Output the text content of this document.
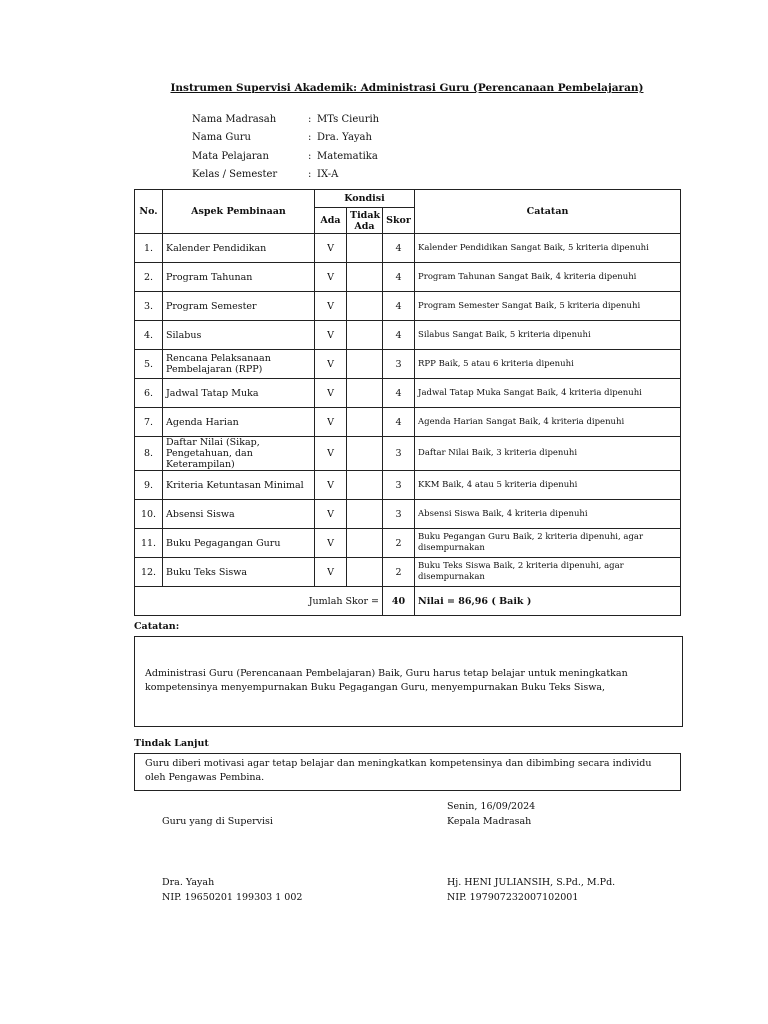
Instrumen Supervisi Akademik: Administrasi Guru (Perencanaan Pembelajaran)
Nama Madrasah	: MTs Cieurih
Nama Guru	: Dra. Yayah
Mata Pelajaran	: Matematika
Kelas / Semester	: IX-A
No.	Aspek Pembinaan	Kondisi			Catatan
		Ada	Tidak Ada	Skor	
1.	Kalender Pendidikan	V		4	Kalender Pendidikan Sangat Baik, 5 kriteria dipenuhi
2.	Program Tahunan	V		4	Program Tahunan Sangat Baik, 4 kriteria dipenuhi
3.	Program Semester	V		4	Program Semester Sangat Baik, 5 kriteria dipenuhi
4.	Silabus	V		4	Silabus Sangat Baik, 5 kriteria dipenuhi
5.	Rencana Pelaksanaan Pembelajaran (RPP)	V		3	RPP Baik, 5 atau 6 kriteria dipenuhi
6.	Jadwal Tatap Muka	V		4	Jadwal Tatap Muka Sangat Baik, 4 kriteria dipenuhi
7.	Agenda Harian	V		4	Agenda Harian Sangat Baik, 4 kriteria dipenuhi
8.	Daftar Nilai (Sikap, Pengetahuan, dan Keterampilan)	V		3	Daftar Nilai Baik, 3 kriteria dipenuhi
9.	Kriteria Ketuntasan Minimal	V		3	KKM Baik, 4 atau 5 kriteria dipenuhi
10.	Absensi Siswa	V		3	Absensi Siswa Baik, 4 kriteria dipenuhi
11.	Buku Pegagangan Guru	V		2	Buku Pegangan Guru Baik, 2 kriteria dipenuhi, agar disempurnakan
12.	Buku Teks Siswa	V		2	Buku Teks Siswa Baik, 2 kriteria dipenuhi, agar disempurnakan
Jumlah Skor =				40	Nilai = 86,96 ( Baik )
Catatan:
Administrasi Guru (Perencanaan Pembelajaran) Baik, Guru harus tetap belajar untuk meningkatkan kompetensinya menyempurnakan Buku Pegagangan Guru, menyempurnakan Buku Teks Siswa,
Tindak Lanjut
Guru diberi motivasi agar tetap belajar dan meningkatkan kompetensinya dan dibimbing secara individu oleh Pengawas Pembina.
Senin, 16/09/2024
Guru yang di Supervisi	Kepala Madrasah
Dra. Yayah
NIP. 19650201 199303 1 002
Hj. HENI JULIANSIH, S.Pd., M.Pd.
NIP. 197907232007102001
